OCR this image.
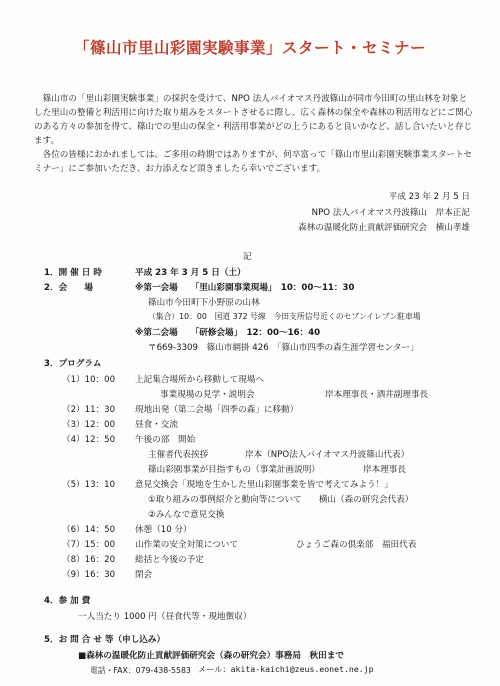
「篠山市里山彩園実験事業」スタート・セミナー
篠山市の「里山彩園実験事業」の採択を受けて、NPO 法人バイオマス丹波篠山が同市今田町の里山林を対象とした里山の整備と利活用に向けた取り組みをスタートさせるに際し、広く森林の保全や森林の利活用などにご関心のある方々の参加を得て、篠山での里山の保全・利活用事業がどの上うにあると良いかなど、話し合いたいと存じます。
各位の皆様におかれましては、ご多用の時期ではありますが、何卒富って「篠山市里山彩園実験事業スタートセミナー」にご参加いただき、お力添えなど頂きましたら幸いでございます。
平成 23 年 2 月 5 日
NPO 法人バイオマス丹波篠山　岸本正記
森林の温暖化防止貢献評価研究会　横山孝雄
記
1．開 催 日 時	平成 23 年 3 月 5 日（土）
2．会　　場	※第一会場　　「里山彩園事業現場」　10：00～11：30
篠山市今田町下小野原の山林
（集合）10：00　国道 372 号線　今田支所信号近くのセブンイレブン駐車場
※第二会場　　「研修会場」　12：00～16：40
〒669-3309　篠山市網掛 426　「篠山市四季の森生涯学習センター」
3．プログラム
（1）10：00 上記集合場所から移動して現場へ
事業現場の見学・説明会	岸本理事長・酒井副理事長
（2）11：30 現地出発（第二会場「四季の森」に移動）
（3）12：00 昼食・交流
（4）12：50 午後の部　開始
主催者代表挨拶	岸本（NPO法人バイオマス丹波篠山代表）
篠山彩園事業が目指すもの（事業計画説明）	岸本理事長
（5）13：10 意見交換会「現地を生かした里山彩園事業を皆で考えてみよう！」
①取り組みの事例紹介と動向等について　　横山（森の研究会代表）
②みんなで意見交換
（6）14：50 休憩（10 分）
（7）15：00 山作業の安全対策について	ひょうご森の倶楽部　福田代表
（8）16：20 総括と今後の予定
（9）16：30 閉会
4．参 加 費
一人当たり 1000 円（昼食代等・現地徴収）
5．お 問 合 せ 等（申し込み）
■森林の温暖化防止貢献評価研究会（森の研究会）事務局　秋田まで
電話・FAX：079-438-5583 メール：akita-kaichi@zeus.eonet.ne.jp
